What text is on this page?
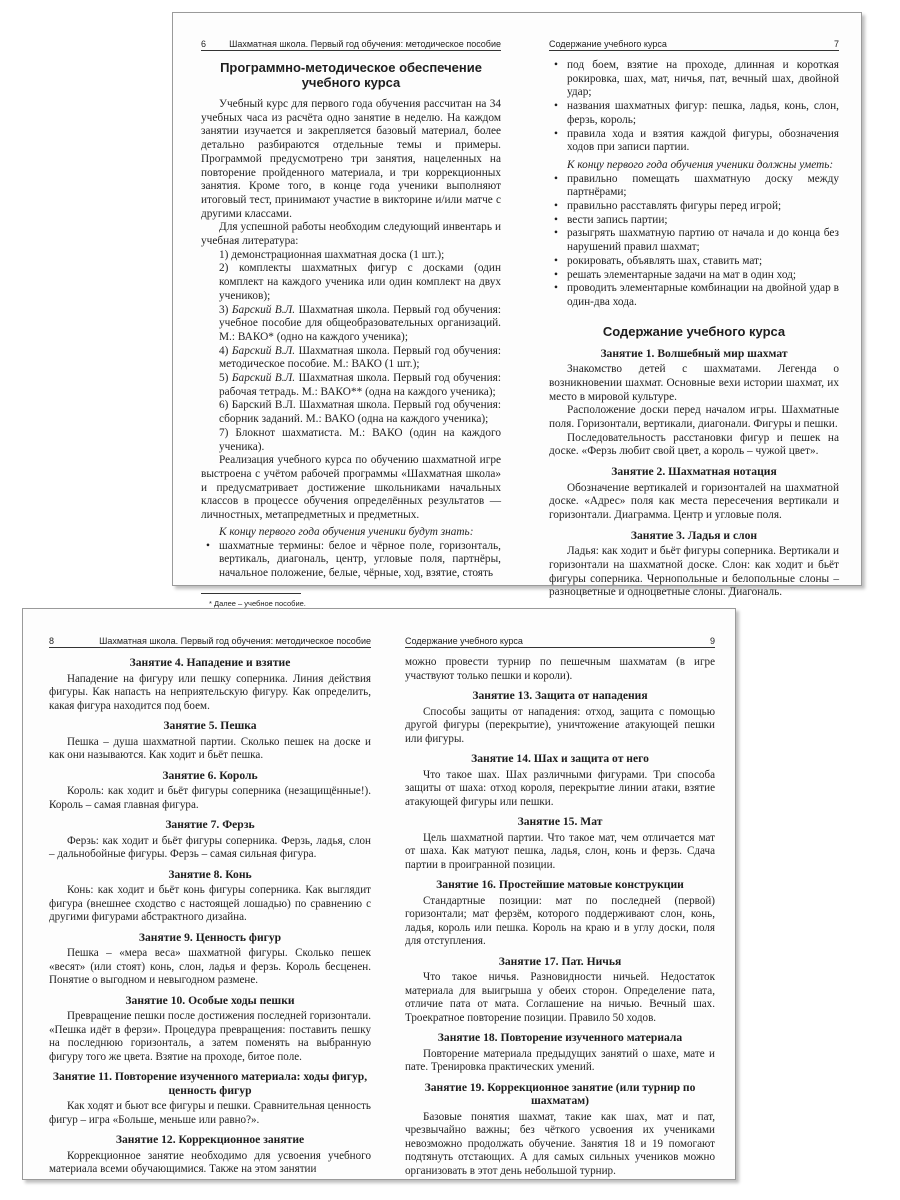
6	Шахматная школа. Первый год обучения: методическое пособие
Программно-методическое обеспечение учебного курса

Учебный курс для первого года обучения рассчитан на 34 учебных часа из расчёта одно занятие в неделю. На каждом занятии изучается и закрепляется базовый материал, более детально разбираются отдельные темы и примеры. Программой предусмотрено три занятия, нацеленных на повторение пройденного материала, и три коррекционных занятия. Кроме того, в конце года ученики выполняют итоговый тест, принимают участие в викторине и/или матче с другими классами.

Для успешной работы необходим следующий инвентарь и учебная литература:

1) демонстрационная шахматная доска (1 шт.);
2) комплекты шахматных фигур с досками (один комплект на каждого ученика или один комплект на двух учеников);
3) Барский В.Л. Шахматная школа. Первый год обучения: учебное пособие для общеобразовательных организаций. М.: ВАКО* (одно на каждого ученика);
4) Барский В.Л. Шахматная школа. Первый год обучения: методическое пособие. М.: ВАКО (1 шт.);
5) Барский В.Л. Шахматная школа. Первый год обучения: рабочая тетрадь. М.: ВАКО** (одна на каждого ученика);
6) Барский В.Л. Шахматная школа. Первый год обучения: сборник заданий. М.: ВАКО (одна на каждого ученика);
7) Блокнот шахматиста. М.: ВАКО (один на каждого ученика).

Реализация учебного курса по обучению шахматной игре выстроена с учётом рабочей программы «Шахматная школа» и предусматривает достижение школьниками начальных классов в процессе обучения определённых результатов — личностных, метапредметных и предметных.

К концу первого года обучения ученики будут знать:

• шахматные термины: белое и чёрное поле, горизонталь, вертикаль, диагональ, центр, угловые поля, партнёры, начальное положение, белые, чёрные, ход, взятие, стоять
* Далее – учебное пособие.
Содержание учебного курса	7
• под боем, взятие на проходе, длинная и короткая рокировка, шах, мат, ничья, пат, вечный шах, двойной удар;
• названия шахматных фигур: пешка, ладья, конь, слон, ферзь, король;
• правила хода и взятия каждой фигуры, обозначения ходов при записи партии.

К концу первого года обучения ученики должны уметь:

• правильно помещать шахматную доску между партнёрами;
• правильно расставлять фигуры перед игрой;
• вести запись партии;
• разыгрять шахматную партию от начала и до конца без нарушений правил шахмат;
• рокировать, объявлять шах, ставить мат;
• решать элементарные задачи на мат в один ход;
• проводить элементарные комбинации на двойной удар в один-два хода.
Содержание учебного курса
Занятие 1. Волшебный мир шахмат

Знакомство детей с шахматами. Легенда о возникновении шахмат. Основные вехи истории шахмат, их место в мировой культуре.

Расположение доски перед началом игры. Шахматные поля. Горизонтали, вертикали, диагонали. Фигуры и пешки.

Последовательность расстановки фигур и пешек на доске. «Ферзь любит свой цвет, а король – чужой цвет».

Занятие 2. Шахматная нотация

Обозначение вертикалей и горизонталей на шахматной доске. «Адрес» поля как места пересечения вертикали и горизонтали. Диаграмма. Центр и угловые поля.

Занятие 3. Ладья и слон

Ладья: как ходит и бьёт фигуры соперника. Вертикали и горизонтали на шахматной доске. Слон: как ходит и бьёт фигуры соперника. Чернопольные и белопольные слоны – разноцветные и одноцветные слоны. Диагональ.

8	Шахматная школа. Первый год обучения: методическое пособие
Занятие 4. Нападение и взятие

Нападение на фигуру или пешку соперника. Линия действия фигуры. Как напасть на неприятельскую фигуру. Как определить, какая фигура находится под боем.

Занятие 5. Пешка

Пешка – душа шахматной партии. Сколько пешек на доске и как они называются. Как ходит и бьёт пешка.

Занятие 6. Король

Король: как ходит и бьёт фигуры соперника (незащищённые!). Король – самая главная фигура.

Занятие 7. Ферзь

Ферзь: как ходит и бьёт фигуры соперника. Ферзь, ладья, слон – дальнобойные фигуры. Ферзь – самая сильная фигура.

Занятие 8. Конь

Конь: как ходит и бьёт конь фигуры соперника. Как выглядит фигура (внешнее сходство с настоящей лошадью) по сравнению с другими фигурами абстрактного дизайна.

Занятие 9. Ценность фигур

Пешка – «мера веса» шахматной фигуры. Сколько пешек «весят» (или стоят) конь, слон, ладья и ферзь. Король бесценен. Понятие о выгодном и невыгодном размене.

Занятие 10. Особые ходы пешки

Превращение пешки после достижения последней горизонтали. «Пешка идёт в ферзи». Процедура превращения: поставить пешку на последнюю горизонталь, а затем поменять на выбранную фигуру того же цвета. Взятие на проходе, битое поле.

Занятие 11. Повторение изученного материала: ходы фигур, ценность фигур

Как ходят и бьют все фигуры и пешки. Сравнительная ценность фигур – игра «Больше, меньше или равно?».

Занятие 12. Коррекционное занятие

Коррекционное занятие необходимо для усвоения учебного материала всеми обучающимися. Также на этом занятии

Содержание учебного курса	9

можно провести турнир по пешечным шахматам (в игре участвуют только пешки и короли).

Занятие 13. Защита от нападения

Способы защиты от нападения: отход, защита с помощью другой фигуры (перекрытие), уничтожение атакующей пешки или фигуры.

Занятие 14. Шах и защита от него

Что такое шах. Шах различными фигурами. Три способа защиты от шаха: отход короля, перекрытие линии атаки, взятие атакующей фигуры или пешки.

Занятие 15. Мат

Цель шахматной партии. Что такое мат, чем отличается мат от шаха. Как матуют пешка, ладья, слон, конь и ферзь. Сдача партии в проигранной позиции.

Занятие 16. Простейшие матовые конструкции

Стандартные позиции: мат по последней (первой) горизонтали; мат ферзём, которого поддерживают слон, конь, ладья, король или пешка. Король на краю и в углу доски, поля для отступления.

Занятие 17. Пат. Ничья

Что такое ничья. Разновидности ничьей. Недостаток материала для выигрыша у обеих сторон. Определение пата, отличие пата от мата. Соглашение на ничью. Вечный шах. Троекратное повторение позиции. Правило 50 ходов.

Занятие 18. Повторение изученного материала

Повторение материала предыдущих занятий о шахе, мате и пате. Тренировка практических умений.

Занятие 19. Коррекционное занятие (или турнир по шахматам)

Базовые понятия шахмат, такие как шах, мат и пат, чрезвычайно важны; без чёткого усвоения их учениками невозможно продолжать обучение. Занятия 18 и 19 помогают подтянуть отстающих. А для самых сильных учеников можно организовать в этот день небольшой турнир.
